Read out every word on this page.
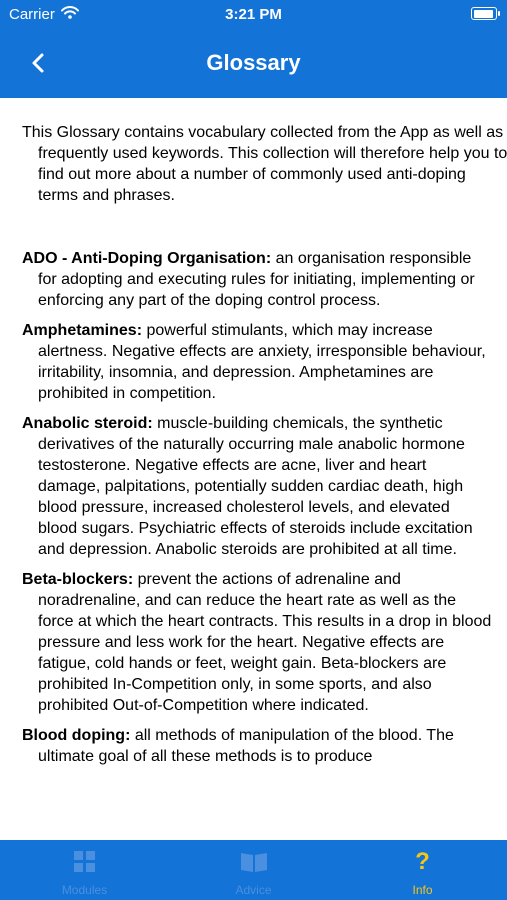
Carrier	3:21 PM
Glossary
This Glossary contains vocabulary collected from the App as well as frequently used keywords. This collection will therefore help you to find out more about a number of commonly used anti-doping terms and phrases.

ADO - Anti-Doping Organisation: an organisation responsible for adopting and executing rules for initiating, implementing or enforcing any part of the doping control process.

Amphetamines: powerful stimulants, which may increase alertness. Negative effects are anxiety, irresponsible behaviour, irritability, insomnia, and depression. Amphetamines are prohibited in competition.

Anabolic steroid: muscle-building chemicals, the synthetic derivatives of the naturally occurring male anabolic hormone testosterone. Negative effects are acne, liver and heart damage, palpitations, potentially sudden cardiac death, high blood pressure, increased cholesterol levels, and elevated blood sugars. Psychiatric effects of steroids include excitation and depression. Anabolic steroids are prohibited at all time.

Beta-blockers: prevent the actions of adrenaline and noradrenaline, and can reduce the heart rate as well as the force at which the heart contracts. This results in a drop in blood pressure and less work for the heart. Negative effects are fatigue, cold hands or feet, weight gain. Beta-blockers are prohibited In-Competition only, in some sports, and also prohibited Out-of-Competition where indicated.

Blood doping: all methods of manipulation of the blood. The ultimate goal of all these methods is to produce

Modules	Advice
?
Info
